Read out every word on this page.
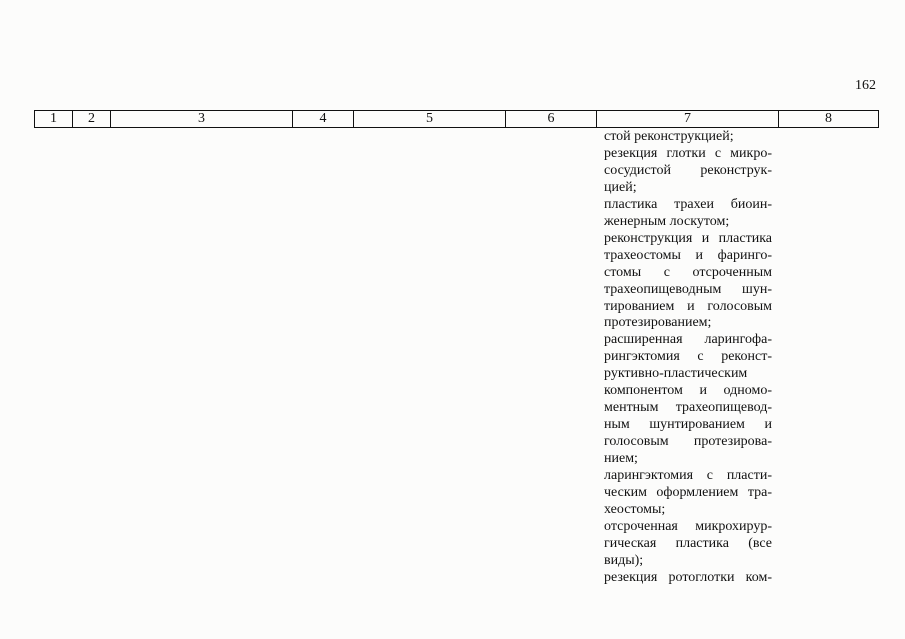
162
1	2	3	4	5	6	7	8
стой реконструкцией;
резекция глотки с микро-
сосудистой реконструк-
цией;
пластика трахеи биоин-
женерным лоскутом;
реконструкция и пластика
трахеостомы и фаринго-
стомы с отсроченным
трахеопищеводным шун-
тированием и голосовым
протезированием;
расширенная ларингофа-
рингэктомия с реконст-
руктивно-пластическим
компонентом и одномо-
ментным трахеопищевод-
ным шунтированием и
голосовым протезирова-
нием;
ларингэктомия с пласти-
ческим оформлением тра-
хеостомы;
отсроченная микрохирур-
гическая пластика (все
виды);
резекция ротоглотки ком-
